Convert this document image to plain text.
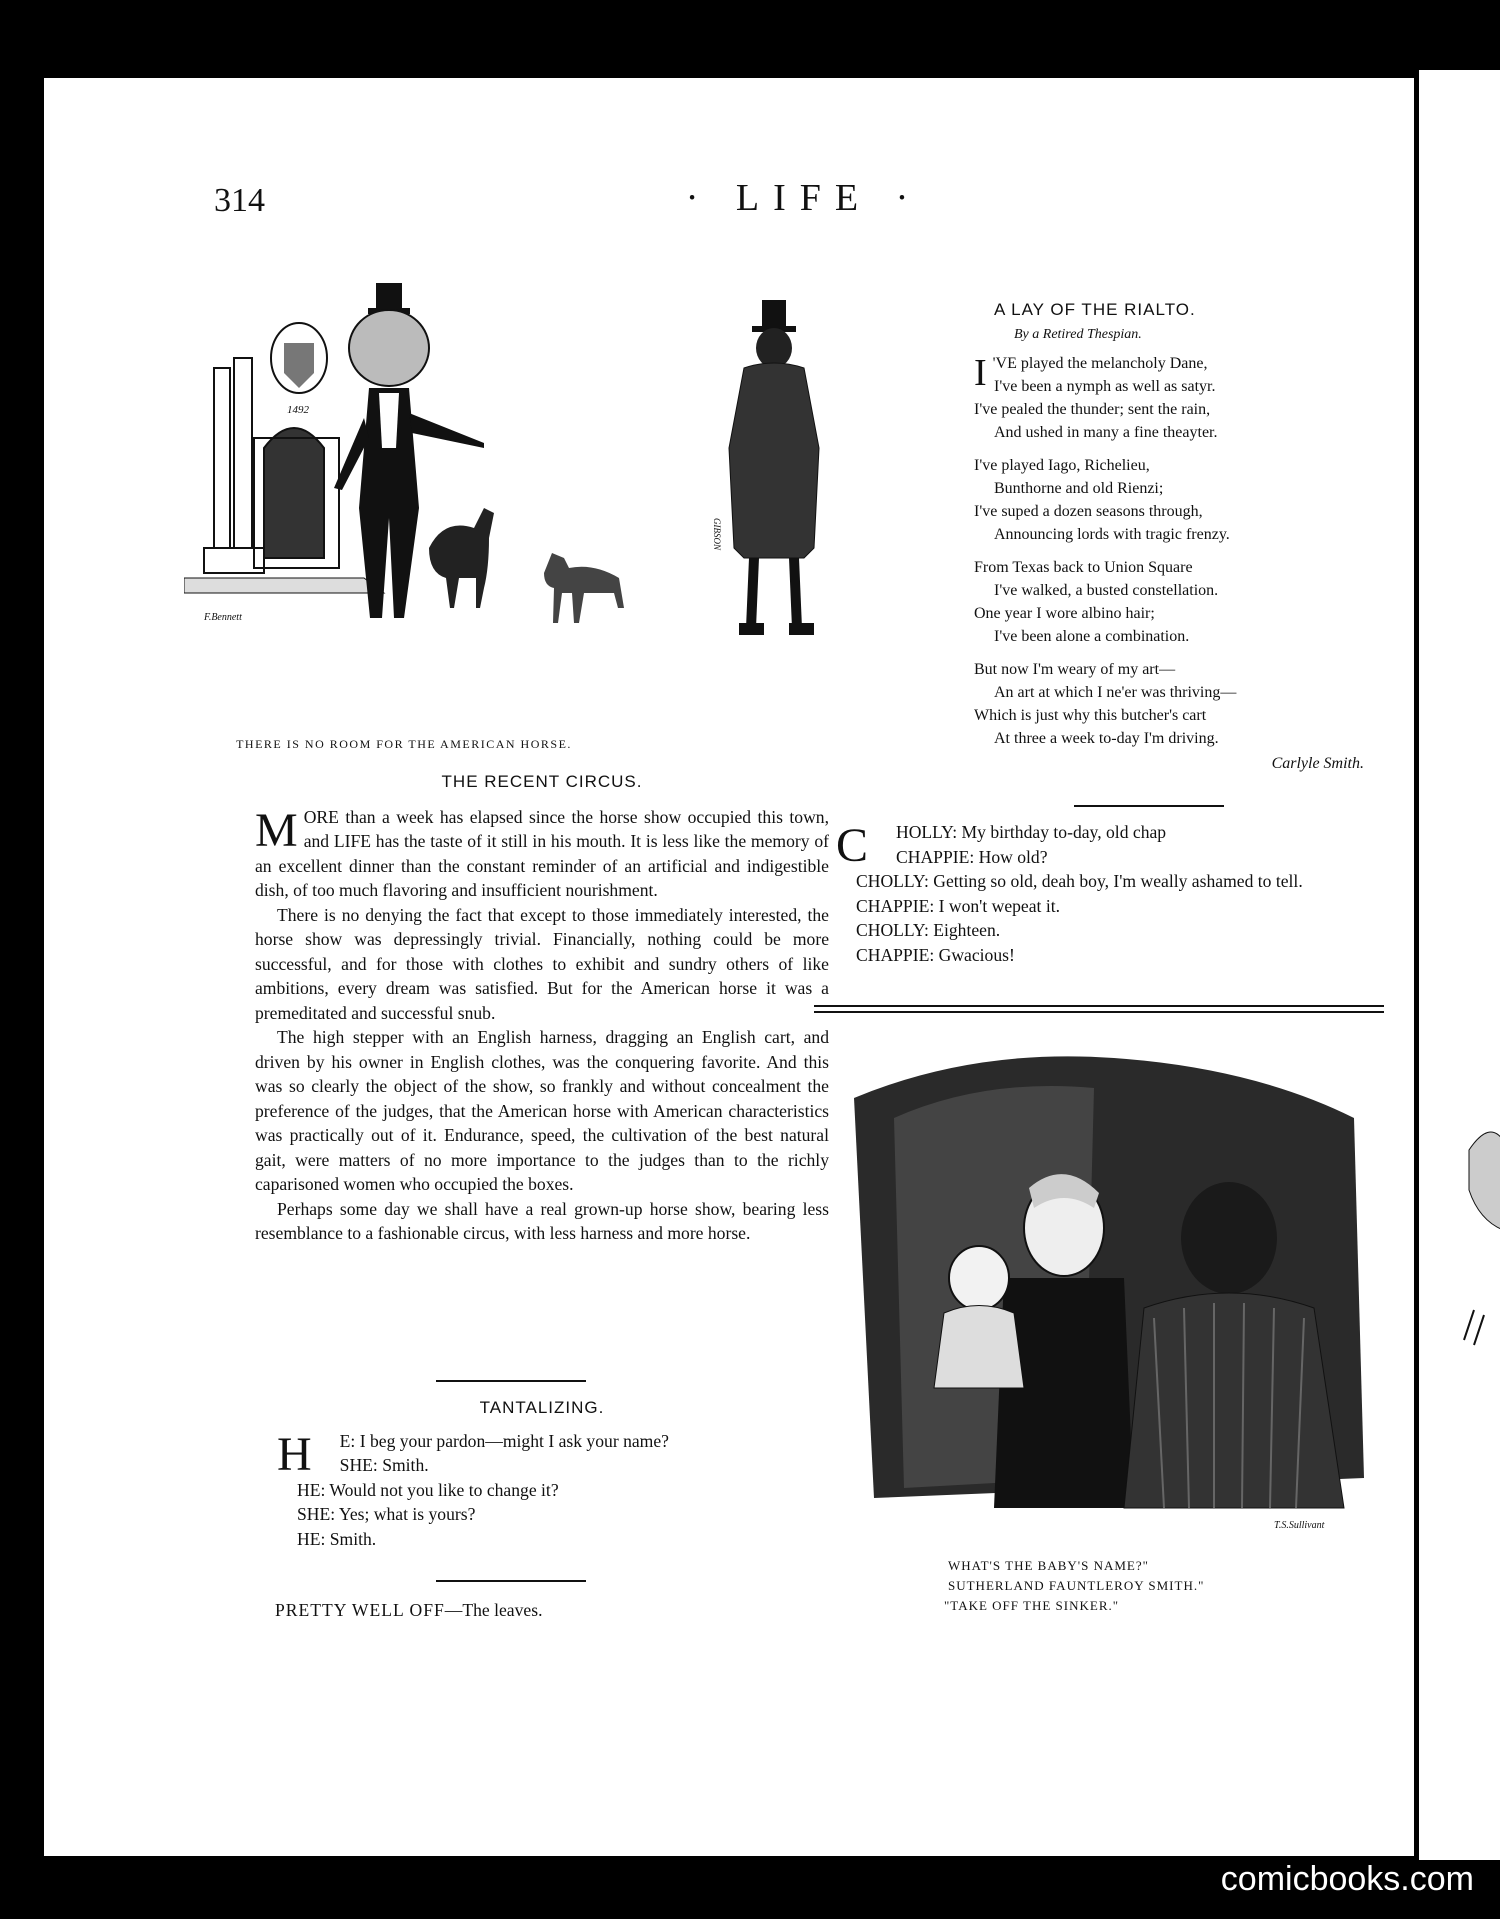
314	· LIFE ·
1492
F.Bennett
THERE IS NO ROOM FOR THE AMERICAN HORSE.
THE RECENT CIRCUS.

MORE than a week has elapsed since the horse show occupied this town, and LIFE has the taste of it still in his mouth. It is less like the memory of an excellent dinner than the constant reminder of an artificial and indigestible dish, of too much flavoring and insufficient nourishment.

There is no denying the fact that except to those immediately interested, the horse show was depressingly trivial. Financially, nothing could be more successful, and for those with clothes to exhibit and sundry others of like ambitions, every dream was satisfied. But for the American horse it was a premeditated and successful snub.

The high stepper with an English harness, dragging an English cart, and driven by his owner in English clothes, was the conquering favorite. And this was so clearly the object of the show, so frankly and without concealment the preference of the judges, that the American horse with American characteristics was practically out of it. Endurance, speed, the cultivation of the best natural gait, were matters of no more importance to the judges than to the richly caparisoned women who occupied the boxes.

Perhaps some day we shall have a real grown-up horse show, bearing less resemblance to a fashionable circus, with less harness and more horse.

TANTALIZING.

H E: I beg your pardon—might I ask your name?

SHE: Smith.

HE: Would not you like to change it?

SHE: Yes; what is yours?

HE: Smith.

PRETTY WELL OFF—The leaves.
GIBSON
A LAY OF THE RIALTO.
By a Retired Thespian.

I 'VE played the melancholy Dane,

I've been a nymph as well as satyr.

I've pealed the thunder; sent the rain,

And ushed in many a fine theayter.

I've played Iago, Richelieu,

Bunthorne and old Rienzi;

I've suped a dozen seasons through,

Announcing lords with tragic frenzy.

From Texas back to Union Square

I've walked, a busted constellation.

One year I wore albino hair;

I've been alone a combination.

But now I'm weary of my art—

An art at which I ne'er was thriving—

Which is just why this butcher's cart

At three a week to-day I'm driving.

Carlyle Smith.

C HOLLY: My birthday to-day, old chap

CHAPPIE: How old?

CHOLLY: Getting so old, deah boy, I'm weally ashamed to tell.

CHAPPIE: I won't wepeat it.

CHOLLY: Eighteen.

CHAPPIE: Gwacious!

T.S.Sullivant
WHAT'S THE BABY'S NAME?"
SUTHERLAND FAUNTLEROY SMITH."
"TAKE OFF THE SINKER."
comicbooks.com
